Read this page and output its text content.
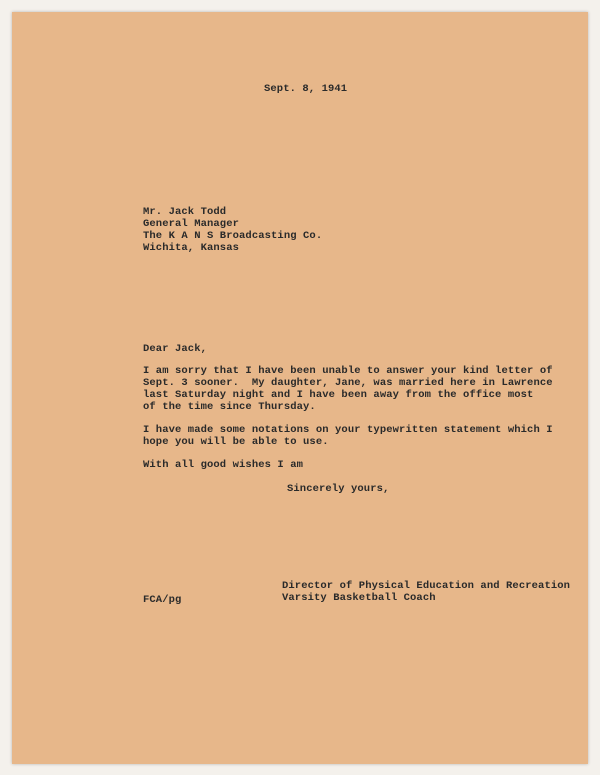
Sept. 8, 1941
Mr. Jack Todd
General Manager
The K A N S Broadcasting Co.
Wichita, Kansas
Dear Jack,
I am sorry that I have been unable to answer your kind letter of
Sept. 3 sooner.  My daughter, Jane, was married here in Lawrence
last Saturday night and I have been away from the office most
of the time since Thursday.
I have made some notations on your typewritten statement which I
hope you will be able to use.
With all good wishes I am
Sincerely yours,
Director of Physical Education and Recreation
Varsity Basketball Coach
FCA/pg
